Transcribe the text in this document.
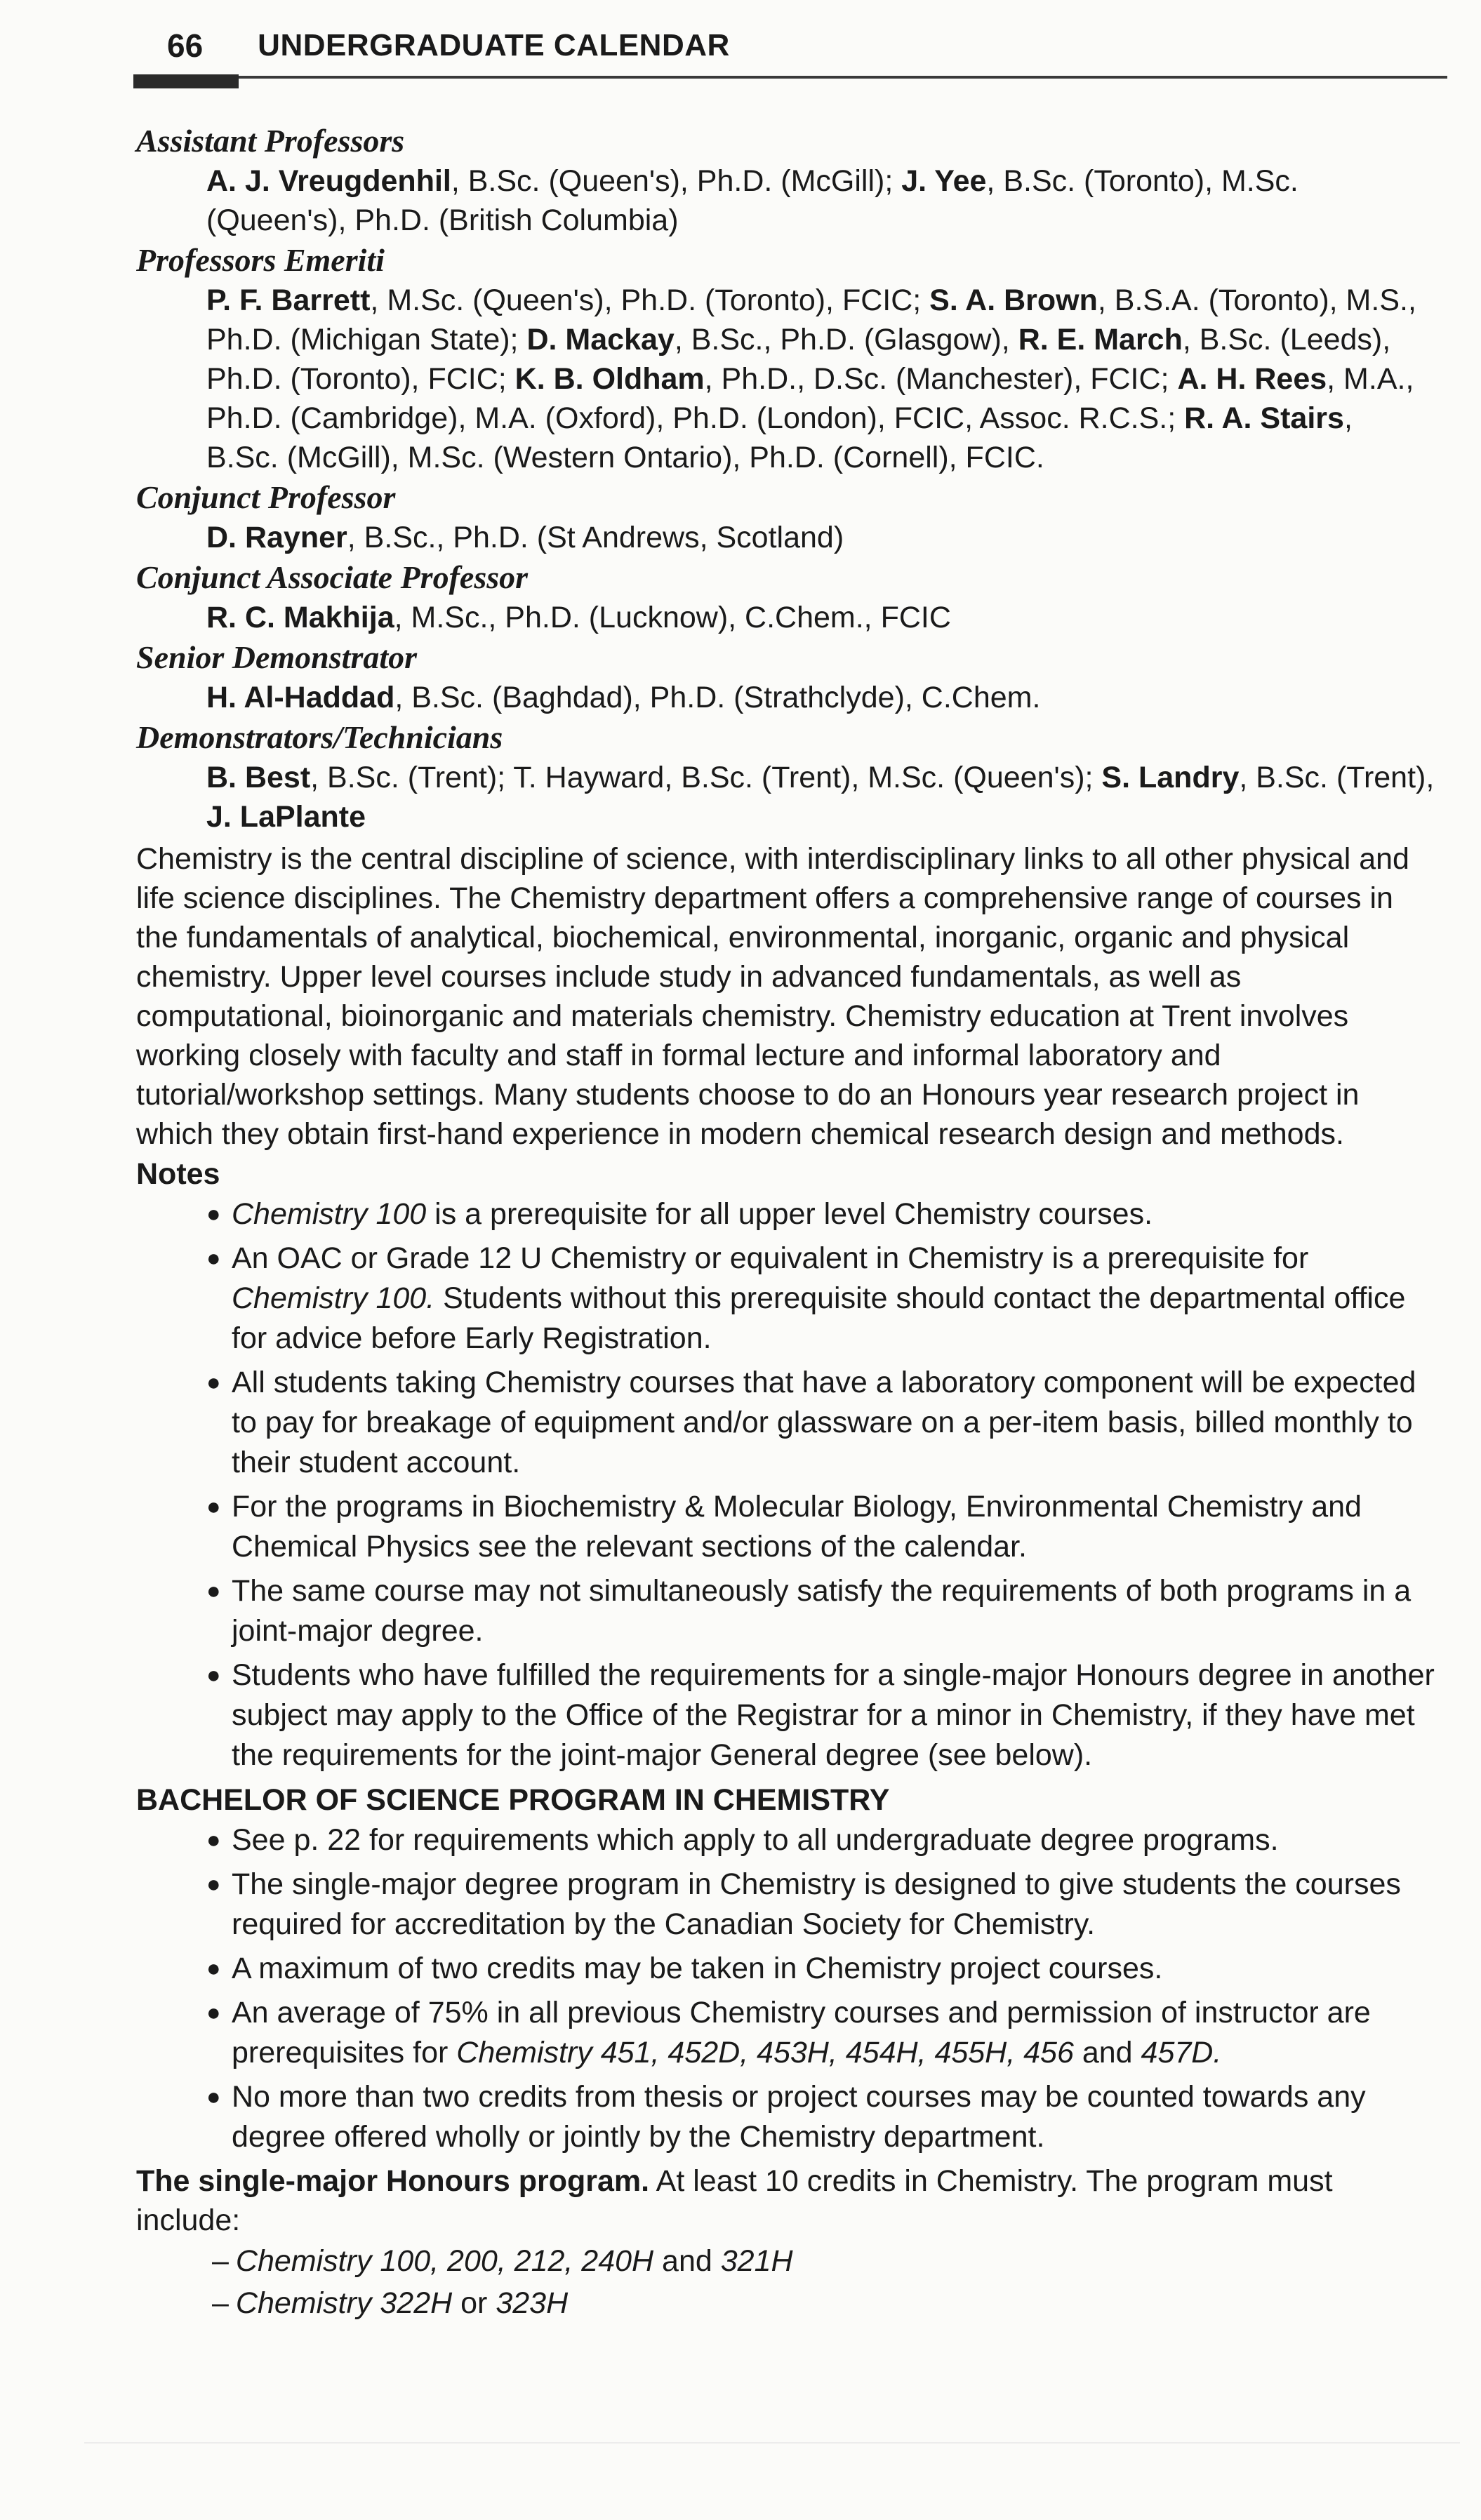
66 UNDERGRADUATE CALENDAR
Assistant Professors
A. J. Vreugdenhil, B.Sc. (Queen's), Ph.D. (McGill); J. Yee, B.Sc. (Toronto), M.Sc.
(Queen's), Ph.D. (British Columbia)
Professors Emeriti
P. F. Barrett, M.Sc. (Queen's), Ph.D. (Toronto), FCIC; S. A. Brown, B.S.A. (Toronto), M.S.,
Ph.D. (Michigan State); D. Mackay, B.Sc., Ph.D. (Glasgow), R. E. March, B.Sc. (Leeds),
Ph.D. (Toronto), FCIC; K. B. Oldham, Ph.D., D.Sc. (Manchester), FCIC; A. H. Rees, M.A.,
Ph.D. (Cambridge), M.A. (Oxford), Ph.D. (London), FCIC, Assoc. R.C.S.; R. A. Stairs,
B.Sc. (McGill), M.Sc. (Western Ontario), Ph.D. (Cornell), FCIC.
Conjunct Professor
D. Rayner, B.Sc., Ph.D. (St Andrews, Scotland)
Conjunct Associate Professor
R. C. Makhija, M.Sc., Ph.D. (Lucknow), C.Chem., FCIC
Senior Demonstrator
H. Al-Haddad, B.Sc. (Baghdad), Ph.D. (Strathclyde), C.Chem.
Demonstrators/Technicians
B. Best, B.Sc. (Trent); T. Hayward, B.Sc. (Trent), M.Sc. (Queen's); S. Landry, B.Sc. (Trent),
J. LaPlante
Chemistry is the central discipline of science, with interdisciplinary links to all other physical and life science disciplines. The Chemistry department offers a comprehensive range of courses in the fundamentals of analytical, biochemical, environmental, inorganic, organic and physical chemistry. Upper level courses include study in advanced fundamentals, as well as computational, bioinorganic and materials chemistry. Chemistry education at Trent involves working closely with faculty and staff in formal lecture and informal laboratory and tutorial/workshop settings. Many students choose to do an Honours year research project in which they obtain first-hand experience in modern chemical research design and methods.
Notes
● Chemistry 100 is a prerequisite for all upper level Chemistry courses.
● An OAC or Grade 12 U Chemistry or equivalent in Chemistry is a prerequisite for Chemistry 100. Students without this prerequisite should contact the departmental office for advice before Early Registration.
● All students taking Chemistry courses that have a laboratory component will be expected to pay for breakage of equipment and/or glassware on a per-item basis, billed monthly to their student account.
● For the programs in Biochemistry & Molecular Biology, Environmental Chemistry and Chemical Physics see the relevant sections of the calendar.
● The same course may not simultaneously satisfy the requirements of both programs in a joint-major degree.
● Students who have fulfilled the requirements for a single-major Honours degree in another subject may apply to the Office of the Registrar for a minor in Chemistry, if they have met the requirements for the joint-major General degree (see below).
BACHELOR OF SCIENCE PROGRAM IN CHEMISTRY
● See p. 22 for requirements which apply to all undergraduate degree programs.
● The single-major degree program in Chemistry is designed to give students the courses required for accreditation by the Canadian Society for Chemistry.
● A maximum of two credits may be taken in Chemistry project courses.
● An average of 75% in all previous Chemistry courses and permission of instructor are prerequisites for Chemistry 451, 452D, 453H, 454H, 455H, 456 and 457D.
● No more than two credits from thesis or project courses may be counted towards any degree offered wholly or jointly by the Chemistry department.
The single-major Honours program. At least 10 credits in Chemistry. The program must include:
– Chemistry 100, 200, 212, 240H and 321H
– Chemistry 322H or 323H
